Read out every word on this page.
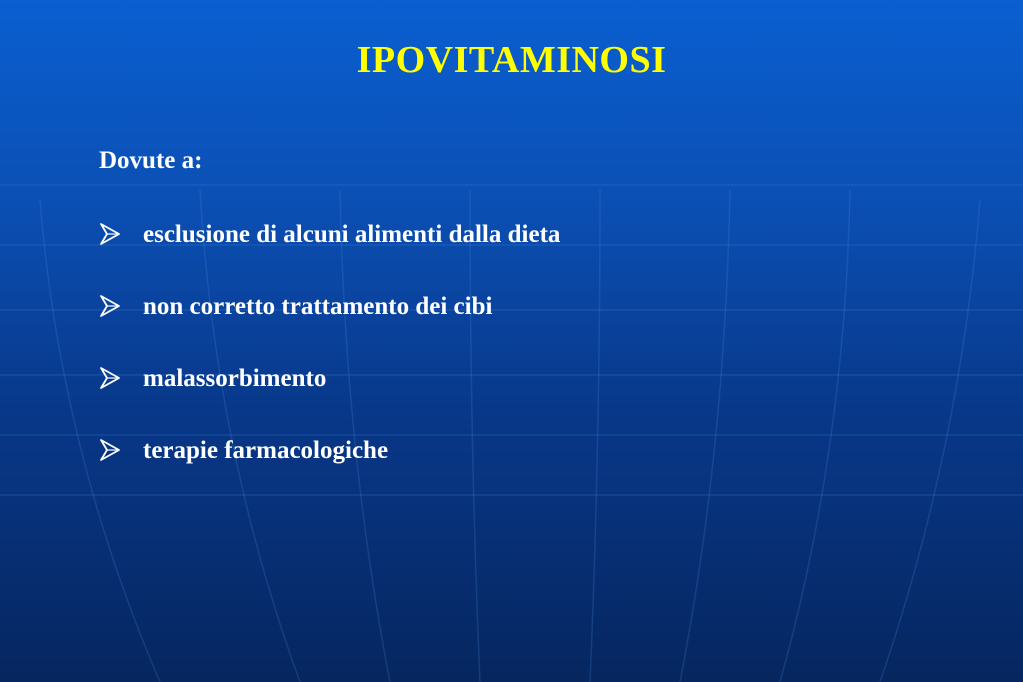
IPOVITAMINOSI
Dovute a:
esclusione di alcuni alimenti dalla dieta
non corretto trattamento dei cibi
malassorbimento
terapie farmacologiche
